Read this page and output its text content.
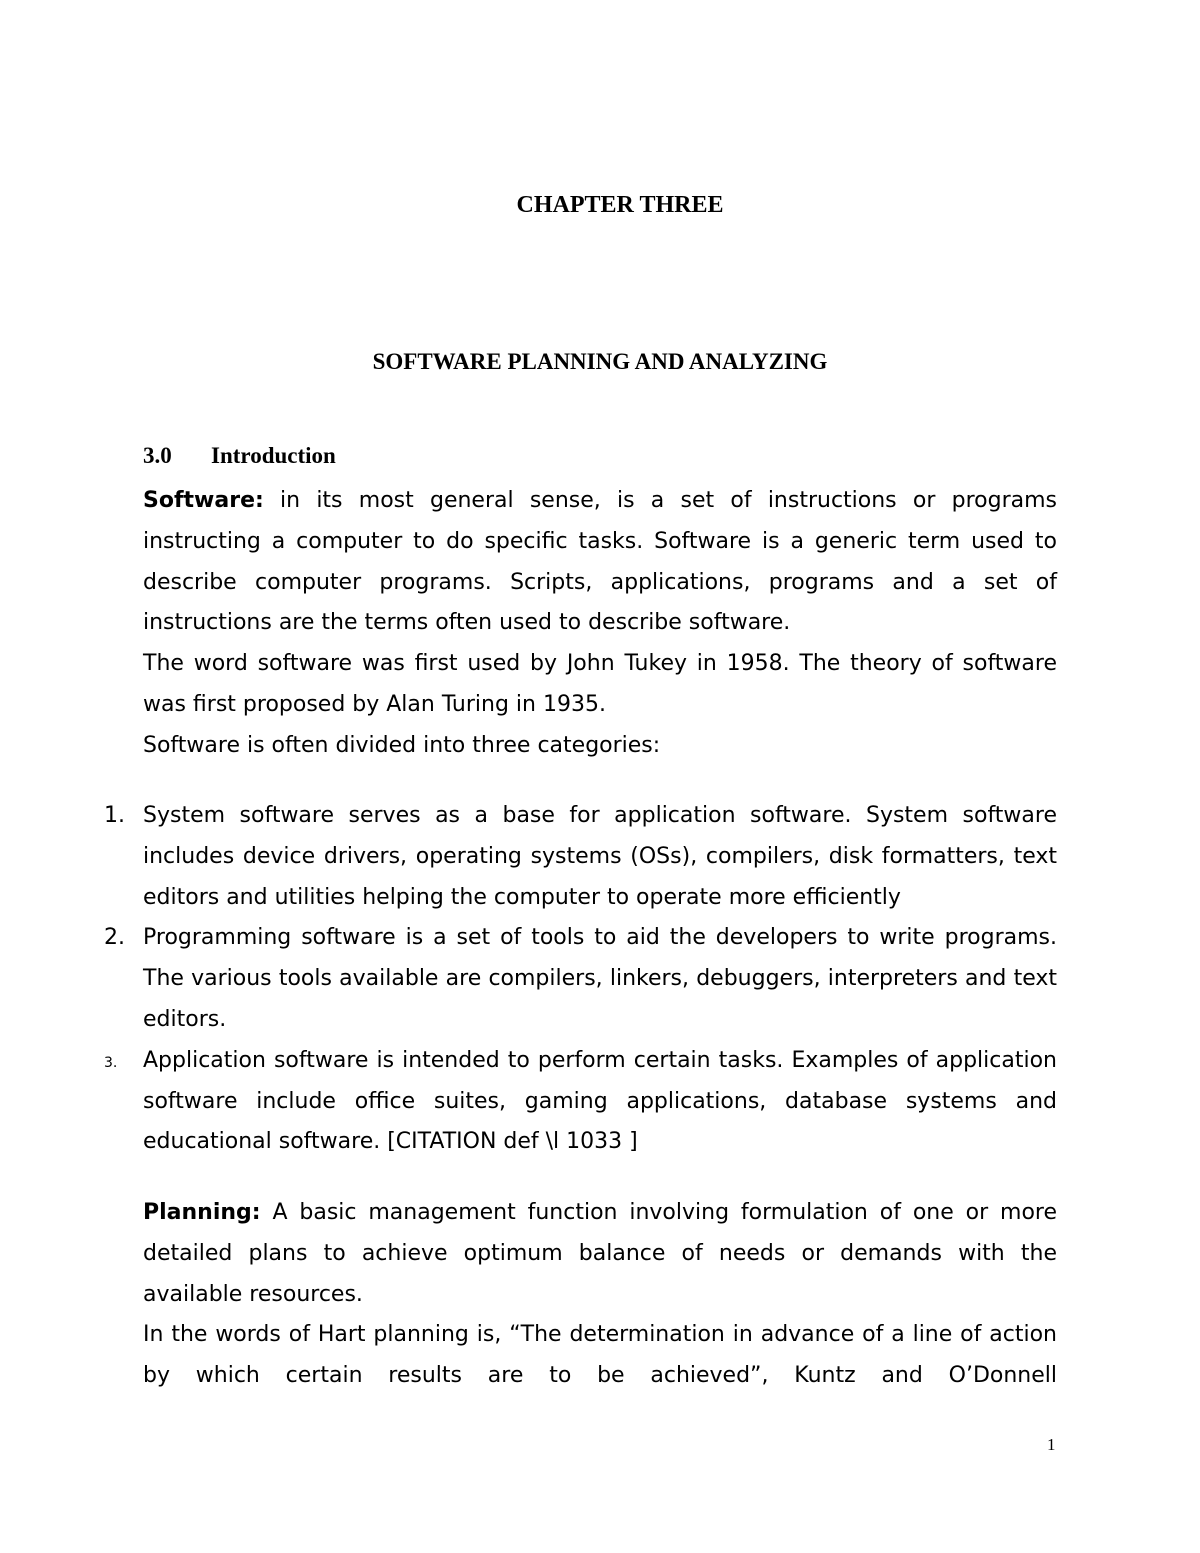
CHAPTER THREE
SOFTWARE PLANNING AND ANALYZING
3.0 Introduction
Software: in its most general sense, is a set of instructions or programs instructing a computer to do specific tasks. Software is a generic term used to describe computer programs. Scripts, applications, programs and a set of instructions are the terms often used to describe software.
The word software was first used by John Tukey in 1958. The theory of software was first proposed by Alan Turing in 1935.
Software is often divided into three categories:
1. System software serves as a base for application software. System software includes device drivers, operating systems (OSs), compilers, disk formatters, text editors and utilities helping the computer to operate more efficiently
2. Programming software is a set of tools to aid the developers to write programs. The various tools available are compilers, linkers, debuggers, interpreters and text editors.
3. Application software is intended to perform certain tasks. Examples of application software include office suites, gaming applications, database systems and educational software. [CITATION def \l 1033 ]
Planning: A basic management function involving formulation of one or more detailed plans to achieve optimum balance of needs or demands with the available resources.
In the words of Hart planning is, “The determination in advance of a line of action by which certain results are to be achieved”, Kuntz and O’Donnell
1
